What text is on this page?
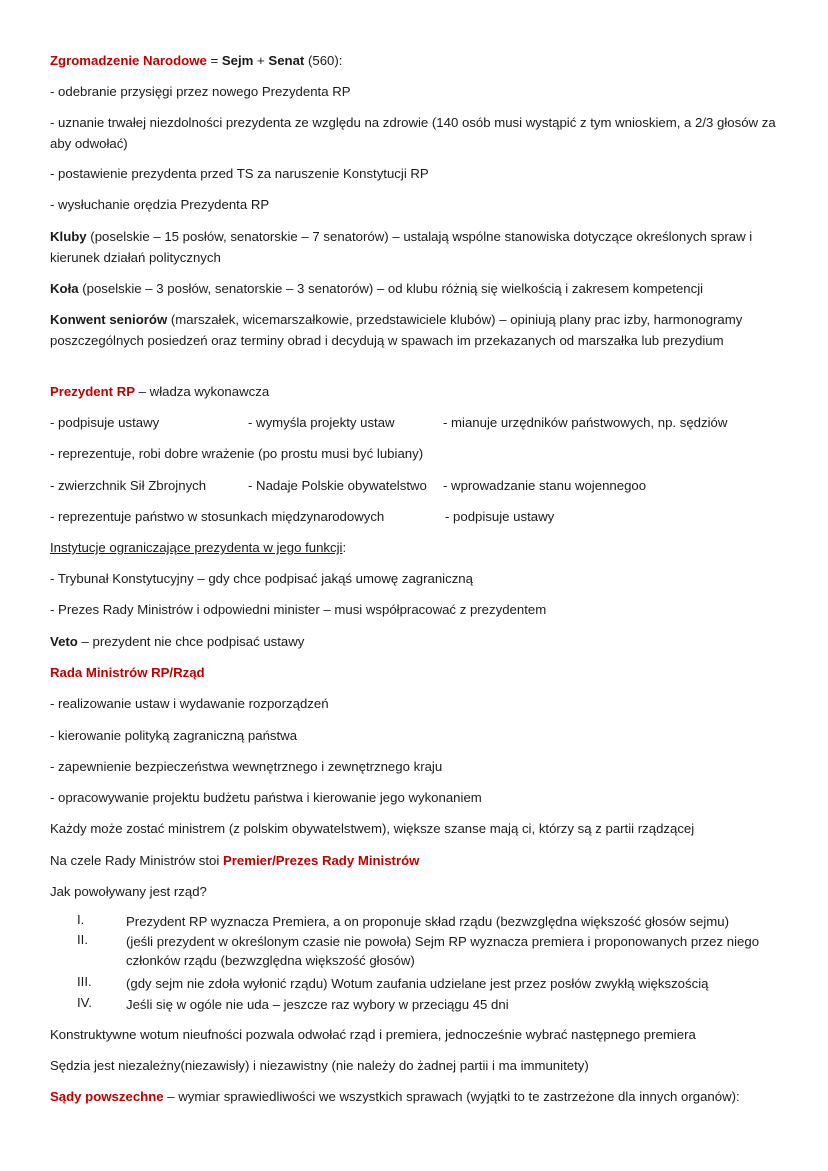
Zgromadzenie Narodowe = Sejm + Senat (560):
- odebranie przysięgi przez nowego Prezydenta RP
- uznanie trwałej niezdolności prezydenta ze względu na zdrowie (140 osób musi wystąpić z tym wnioskiem, a 2/3 głosów za aby odwołać)
- postawienie prezydenta przed TS za naruszenie Konstytucji RP
- wysłuchanie orędzia Prezydenta RP
Kluby (poselskie – 15 posłów, senatorskie – 7 senatorów) – ustalają wspólne stanowiska dotyczące określonych spraw i kierunek działań politycznych
Koła (poselskie – 3 posłów, senatorskie – 3 senatorów) – od klubu różnią się wielkością i zakresem kompetencji
Konwent seniorów (marszałek, wicemarszałkowie, przedstawiciele klubów) – opiniują plany prac izby, harmonogramy poszczególnych posiedzeń oraz terminy obrad i decydują w spawach im przekazanych od marszałka lub prezydium
Prezydent RP – władza wykonawcza
- podpisuje ustawy	- wymyśla projekty ustaw	- mianuje urzędników państwowych, np. sędziów
- reprezentuje, robi dobre wrażenie (po prostu musi być lubiany)
- zwierzchnik Sił Zbrojnych	- Nadaje Polskie obywatelstwo - wprowadzanie stanu wojennegoo
- reprezentuje państwo w stosunkach międzynarodowych	- podpisuje ustawy
Instytucje ograniczające prezydenta w jego funkcji:
- Trybunał Konstytucyjny – gdy chce podpisać jakąś umowę zagraniczną
- Prezes Rady Ministrów i odpowiedni minister – musi współpracować z prezydentem
Veto – prezydent nie chce podpisać ustawy
Rada Ministrów RP/Rząd
- realizowanie ustaw i wydawanie rozporządzeń
- kierowanie polityką zagraniczną państwa
- zapewnienie bezpieczeństwa wewnętrznego i zewnętrznego kraju
- opracowywanie projektu budżetu państwa i kierowanie jego wykonaniem
Każdy może zostać ministrem (z polskim obywatelstwem), większe szanse mają ci, którzy są z partii rządzącej
Na czele Rady Ministrów stoi Premier/Prezes Rady Ministrów
Jak powoływany jest rząd?
I.	Prezydent RP wyznacza Premiera, a on proponuje skład rządu (bezwzględna większość głosów sejmu)
II.	(jeśli prezydent w określonym czasie nie powoła) Sejm RP wyznacza premiera i proponowanych przez niego członków rządu (bezwzględna większość głosów)
III.	(gdy sejm nie zdoła wyłonić rządu) Wotum zaufania udzielane jest przez posłów zwykłą większością
IV.	Jeśli się w ogóle nie uda – jeszcze raz wybory w przeciągu 45 dni
Konstruktywne wotum nieufności pozwala odwołać rząd i premiera, jednocześnie wybrać następnego premiera
Sędzia jest niezależny(niezawisły) i niezawistny (nie należy do żadnej partii i ma immunitety)
Sądy powszechne – wymiar sprawiedliwości we wszystkich sprawach (wyjątki to te zastrzeżone dla innych organów):
